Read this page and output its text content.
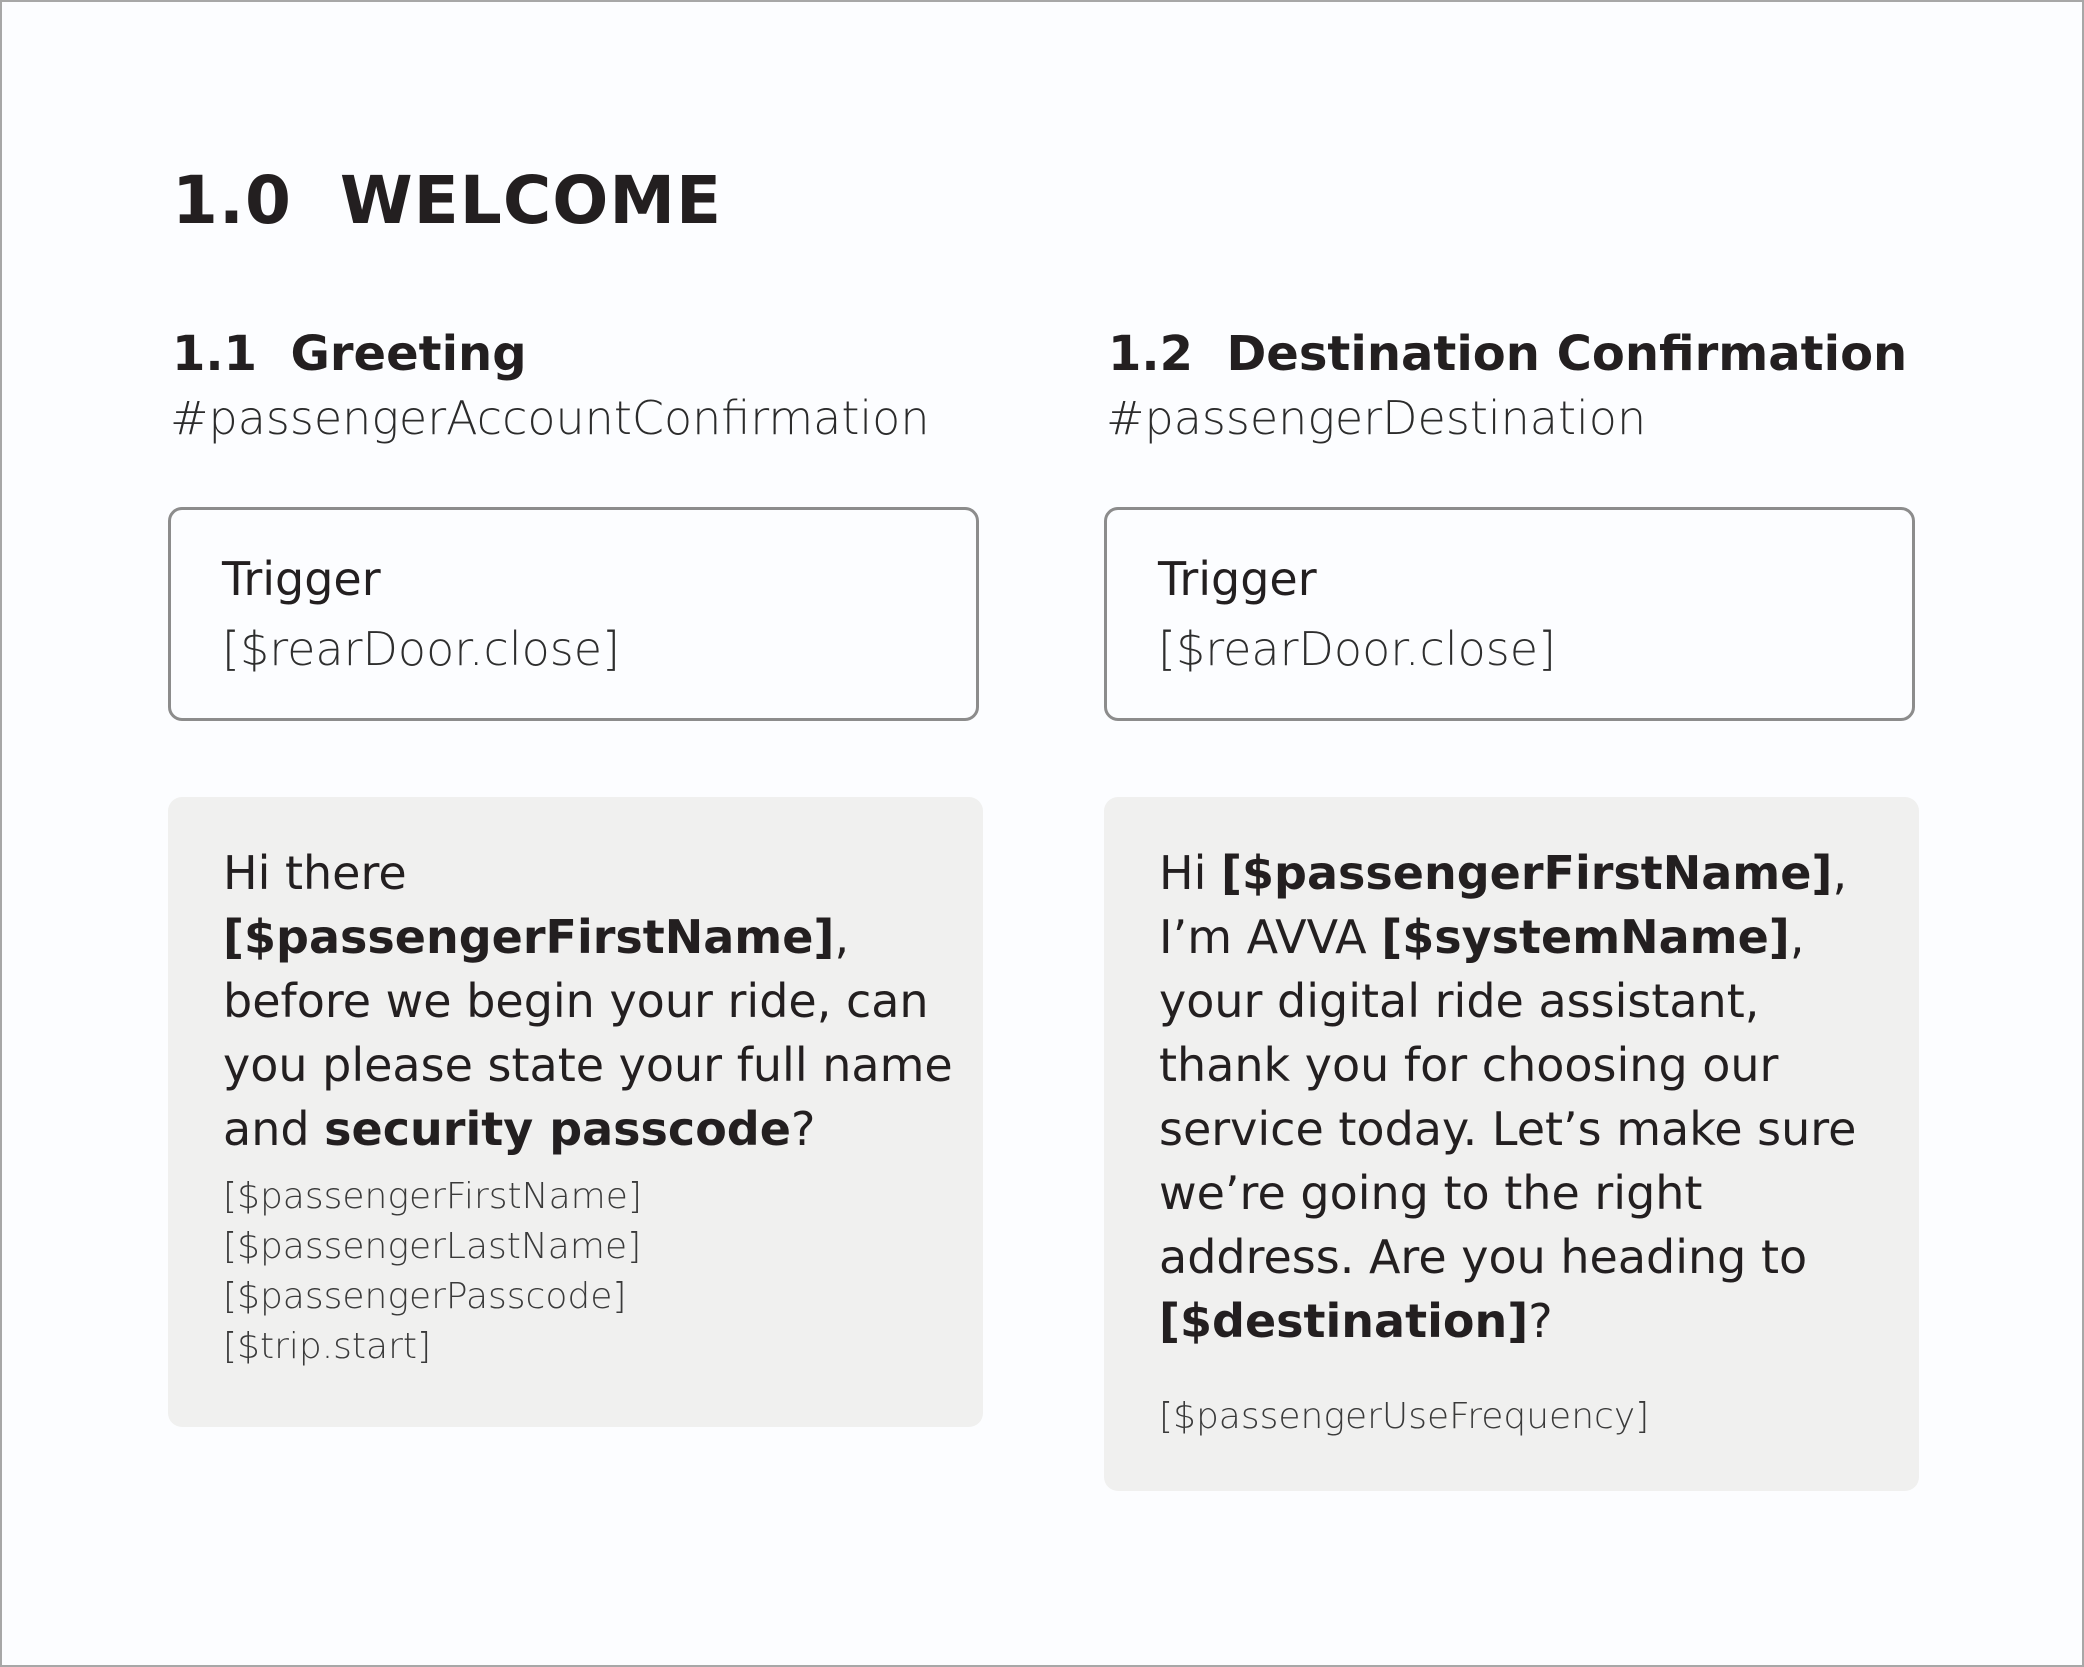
1.0  WELCOME
1.1  Greeting
#passengerAccountConfirmation
Trigger
[$rearDoor.close]
Hi there [$passengerFirstName], before we begin your ride, can you please state your full name and security passcode?
[$passengerFirstName]
[$passengerLastName]
[$passengerPasscode]
[$trip.start]
1.2  Destination Confirmation
#passengerDestination
Trigger
[$rearDoor.close]
Hi [$passengerFirstName], I’m AVVA [$systemName], your digital ride assistant, thank you for choosing our service today. Let’s make sure we’re going to the right address. Are you heading to [$destination]?
[$passengerUseFrequency]
